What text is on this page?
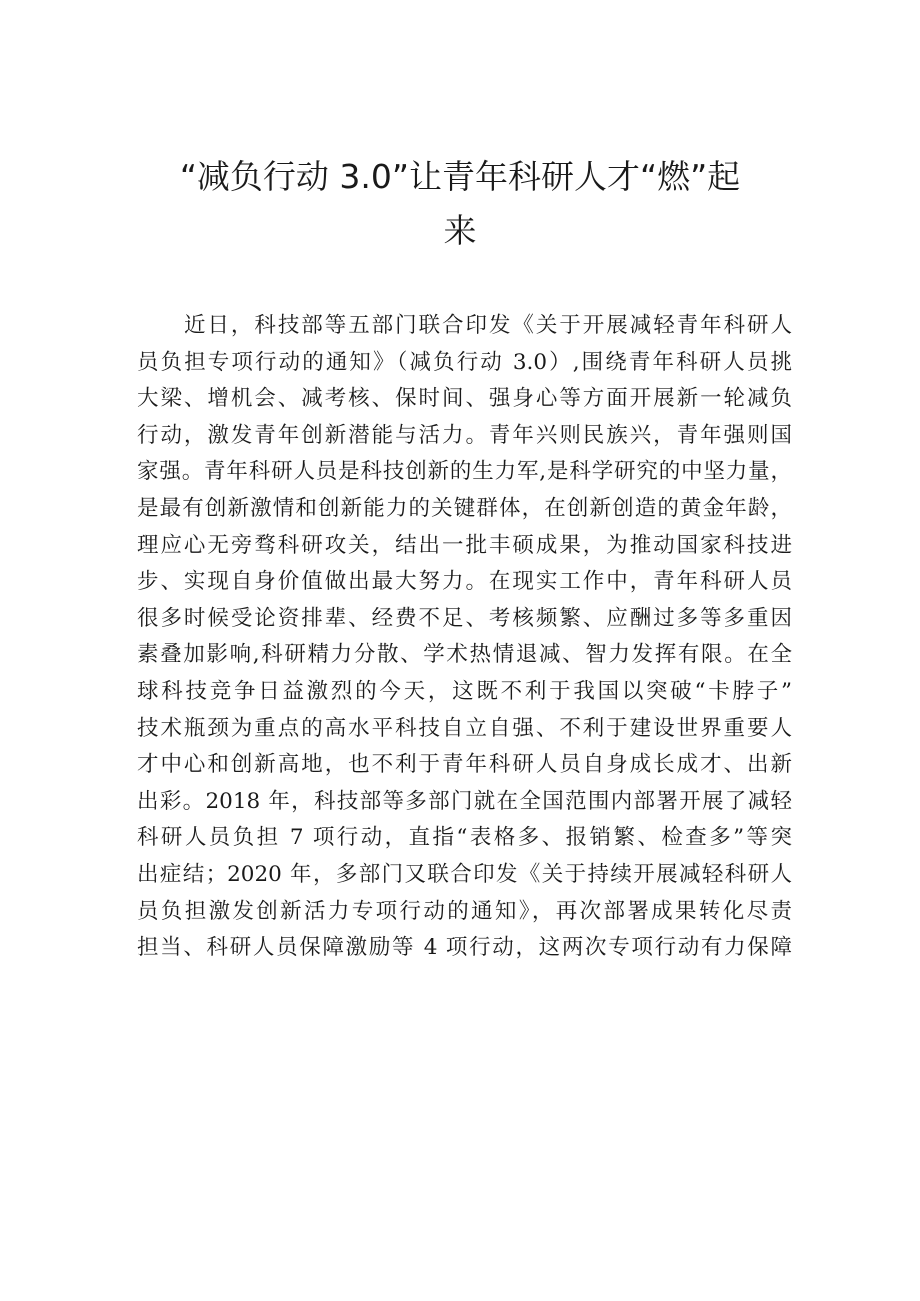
“减负行动 3.0”让青年科研人才“燃”起
来
近日，科技部等五部门联合印发《关于开展减轻青年科研人
员负担专项行动的通知》（减负行动 3.0）,围绕青年科研人员挑
大梁、增机会、减考核、保时间、强身心等方面开展新一轮减负
行动，激发青年创新潜能与活力。青年兴则民族兴，青年强则国
家强。青年科研人员是科技创新的生力军,是科学研究的中坚力量，
是最有创新激情和创新能力的关键群体，在创新创造的黄金年龄，
理应心无旁骛科研攻关，结出一批丰硕成果，为推动国家科技进
步、实现自身价值做出最大努力。在现实工作中，青年科研人员
很多时候受论资排辈、经费不足、考核频繁、应酬过多等多重因
素叠加影响,科研精力分散、学术热情退减、智力发挥有限。在全
球科技竞争日益激烈的今天，这既不利于我国以突破“卡脖子”
技术瓶颈为重点的高水平科技自立自强、不利于建设世界重要人
才中心和创新高地，也不利于青年科研人员自身成长成才、出新
出彩。2018 年，科技部等多部门就在全国范围内部署开展了减轻
科研人员负担 7 项行动，直指“表格多、报销繁、检查多”等突
出症结；2020 年，多部门又联合印发《关于持续开展减轻科研人
员负担激发创新活力专项行动的通知》，再次部署成果转化尽责
担当、科研人员保障激励等 4 项行动，这两次专项行动有力保障
